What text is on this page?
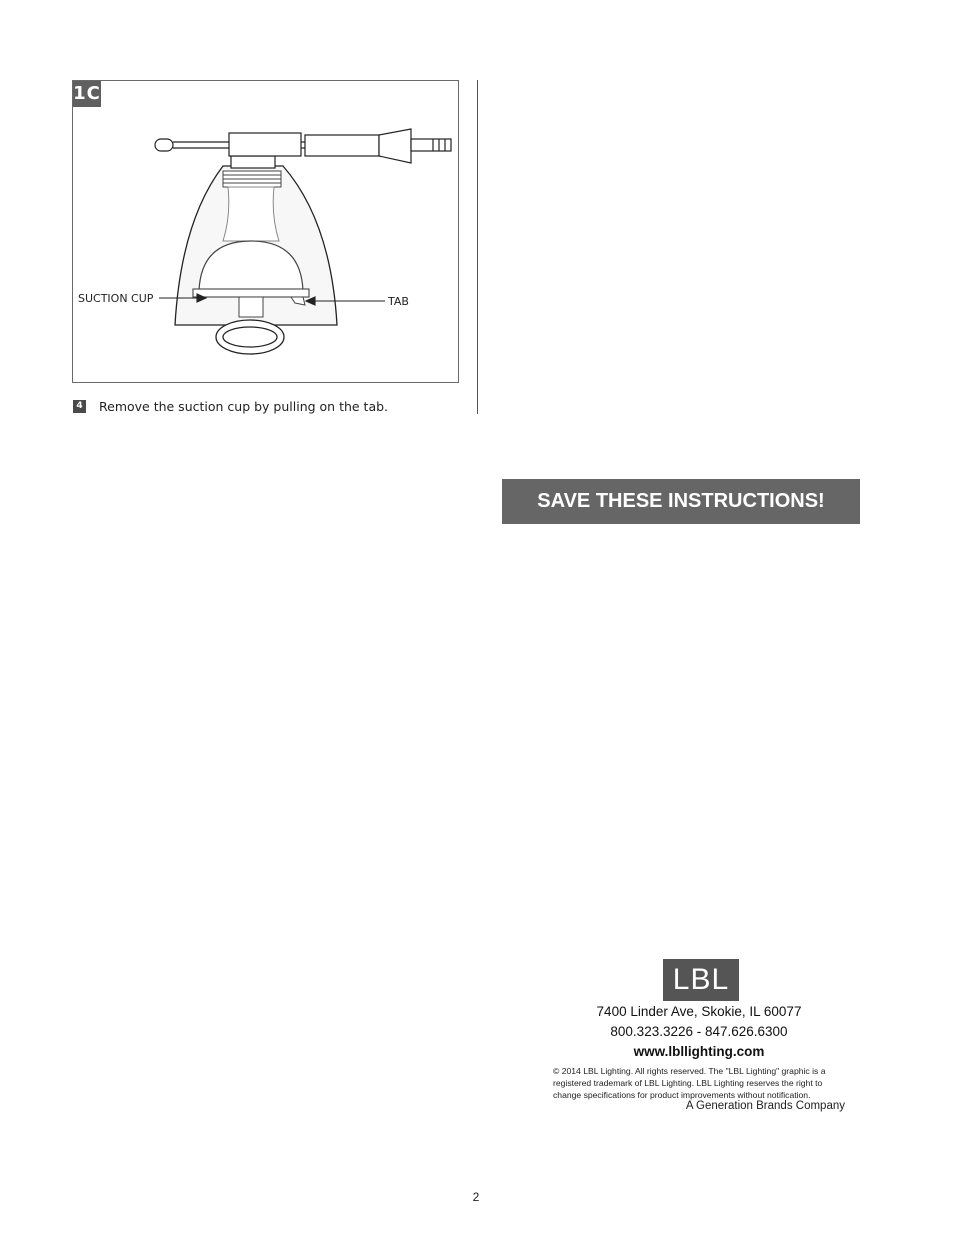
1C
SUCTION CUP	TAB
4 Remove the suction cup by pulling on the tab.
SAVE THESE INSTRUCTIONS!
LBL
7400 Linder Ave, Skokie, IL 60077
800.323.3226 - 847.626.6300
www.lbllighting.com
© 2014 LBL Lighting. All rights reserved. The "LBL Lighting" graphic is a registered trademark of LBL Lighting. LBL Lighting reserves the right to change specifications for product improvements without notification.
A Generation Brands Company
2
